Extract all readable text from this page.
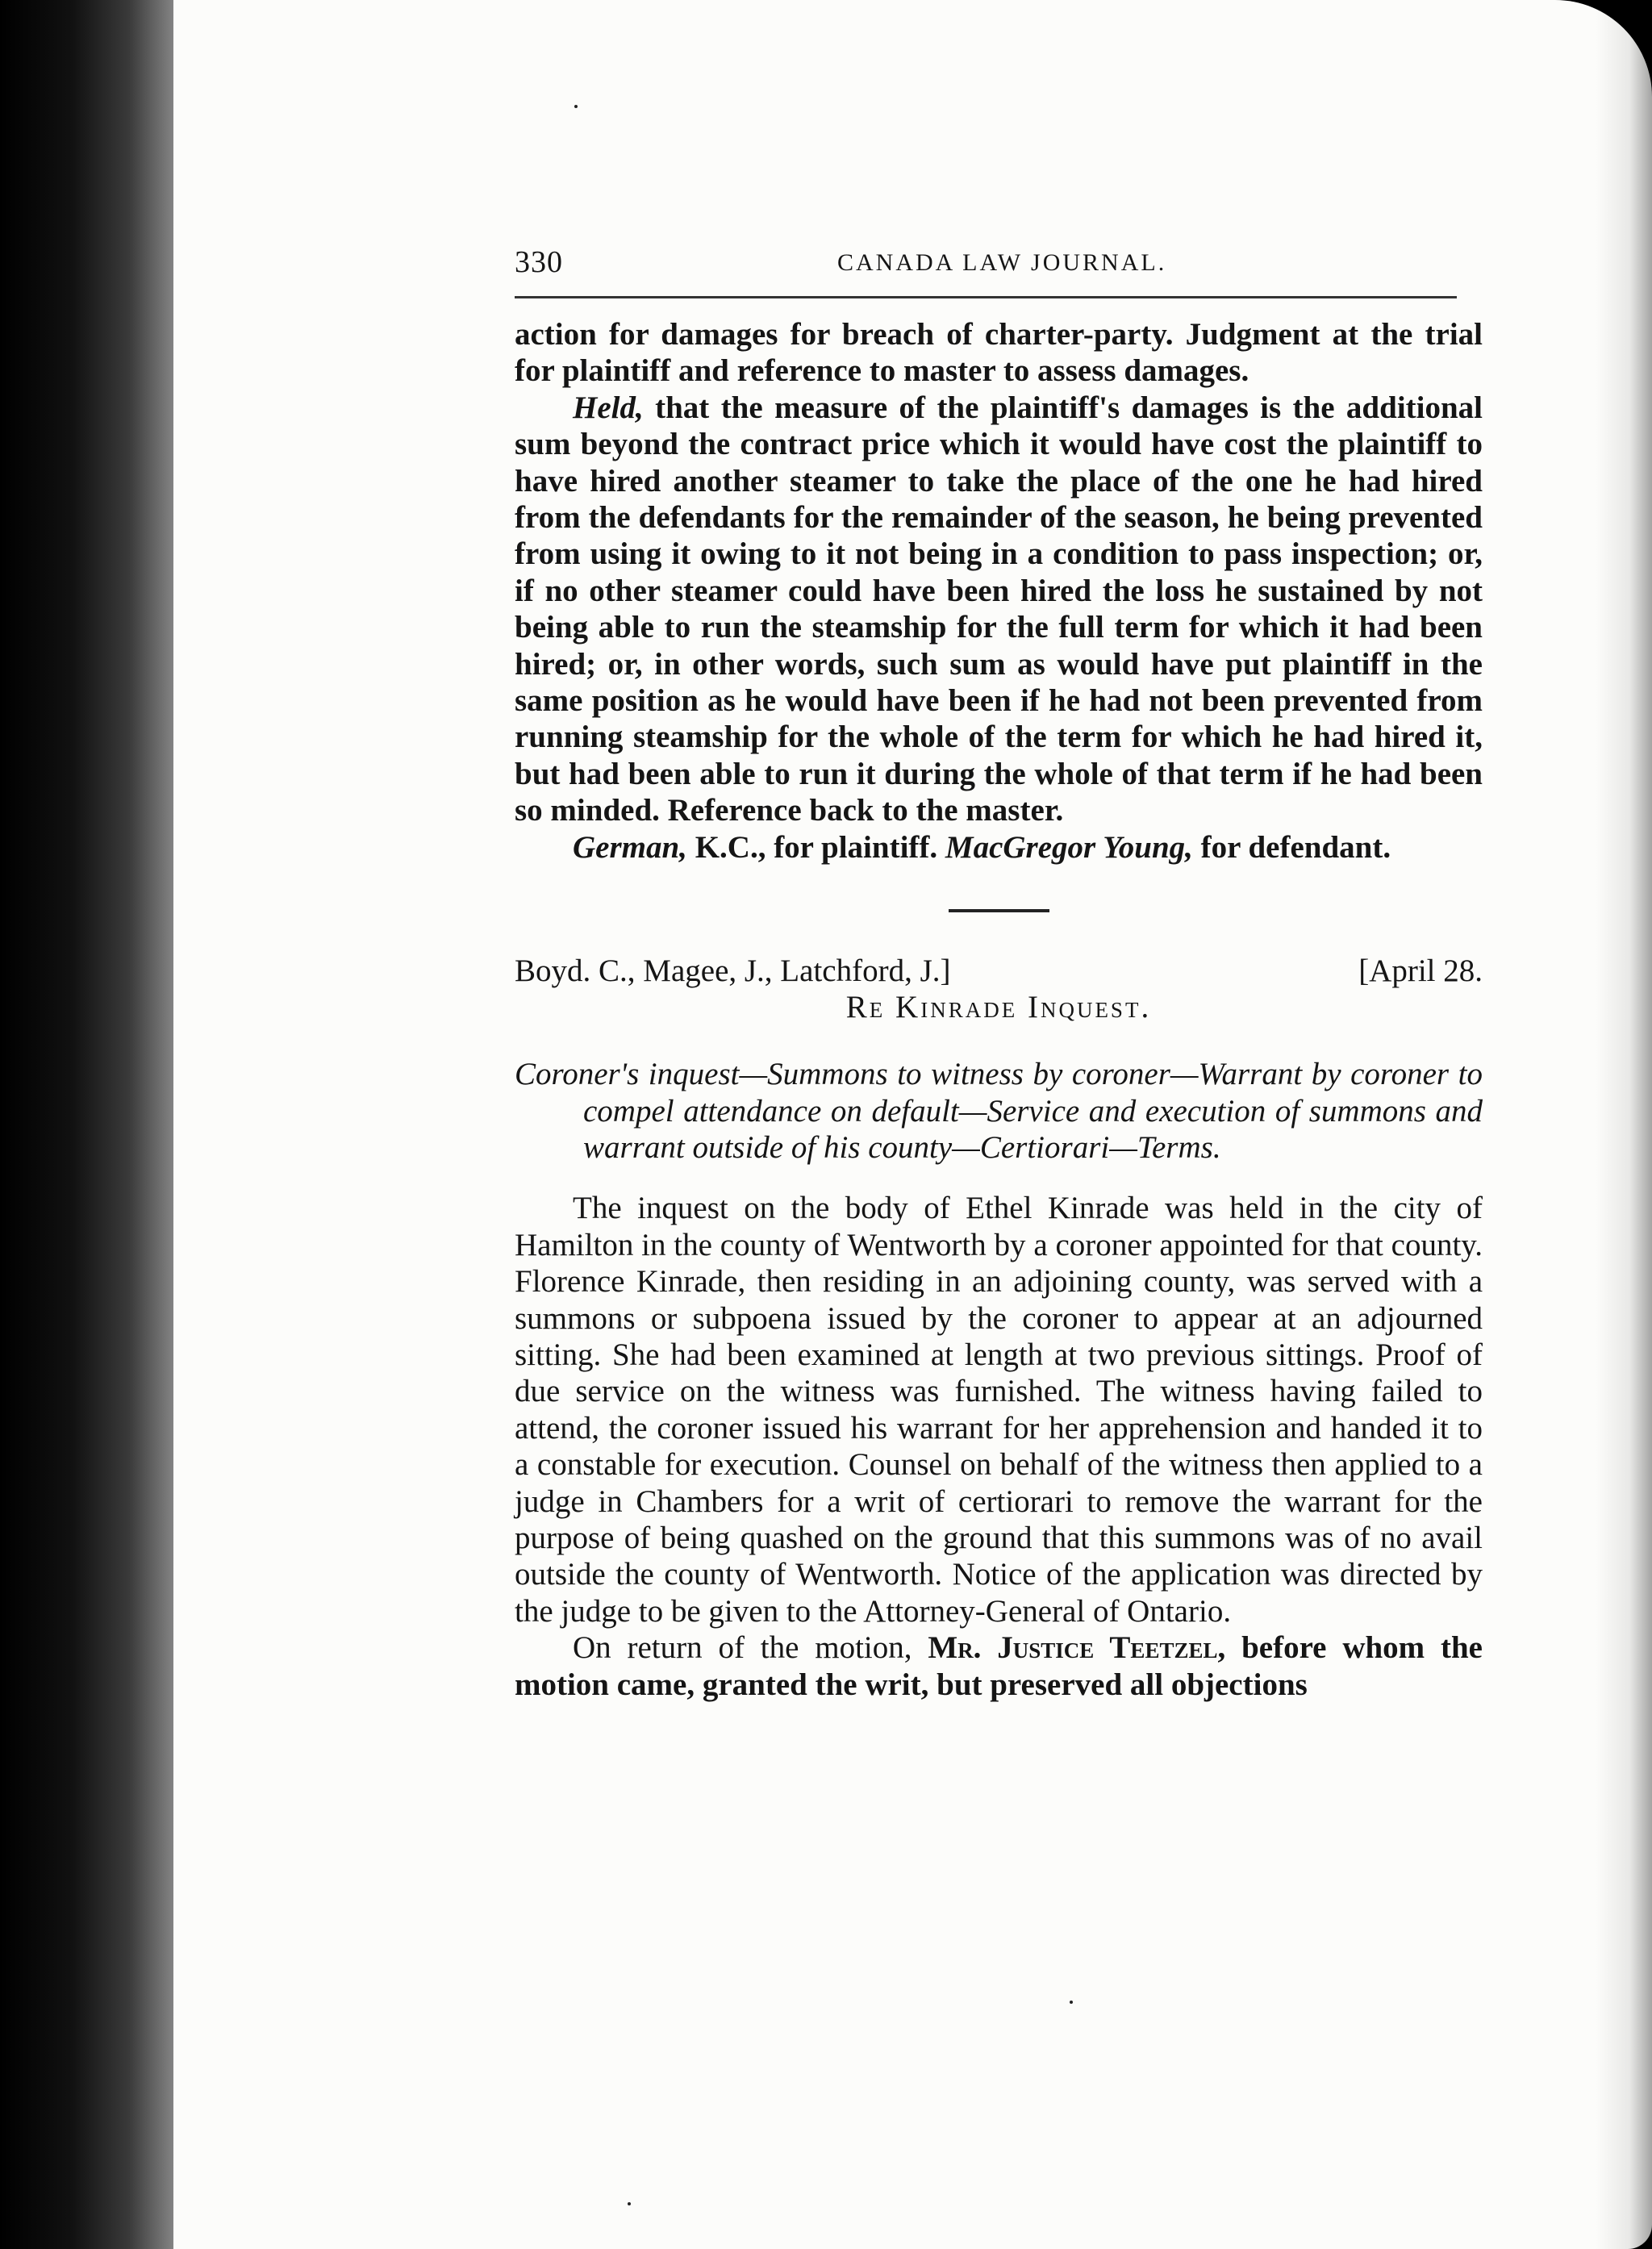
330	CANADA LAW JOURNAL.

action for damages for breach of charter-party. Judgment at the trial for plaintiff and reference to master to assess damages.

Held, that the measure of the plaintiff's damages is the additional sum beyond the contract price which it would have cost the plaintiff to have hired another steamer to take the place of the one he had hired from the defendants for the remainder of the season, he being prevented from using it owing to it not being in a condition to pass inspection; or, if no other steamer could have been hired the loss he sustained by not being able to run the steamship for the full term for which it had been hired; or, in other words, such sum as would have put plaintiff in the same position as he would have been if he had not been prevented from running steamship for the whole of the term for which he had hired it, but had been able to run it during the whole of that term if he had been so minded. Reference back to the master.

German, K.C., for plaintiff. MacGregor Young, for defendant.

Boyd. C., Magee, J., Latchford, J.]	[April 28.
Re Kinrade Inquest.
Coroner's inquest—Summons to witness by coroner—Warrant by coroner to compel attendance on default—Service and execution of summons and warrant outside of his county—Certiorari—Terms.

The inquest on the body of Ethel Kinrade was held in the city of Hamilton in the county of Wentworth by a coroner appointed for that county. Florence Kinrade, then residing in an adjoining county, was served with a summons or subpoena issued by the coroner to appear at an adjourned sitting. She had been examined at length at two previous sittings. Proof of due service on the witness was furnished. The witness having failed to attend, the coroner issued his warrant for her apprehension and handed it to a constable for execution. Counsel on behalf of the witness then applied to a judge in Chambers for a writ of certiorari to remove the warrant for the purpose of being quashed on the ground that this summons was of no avail outside the county of Wentworth. Notice of the application was directed by the judge to be given to the Attorney-General of Ontario.

On return of the motion, Mr. Justice Teetzel, before whom the motion came, granted the writ, but preserved all objections
